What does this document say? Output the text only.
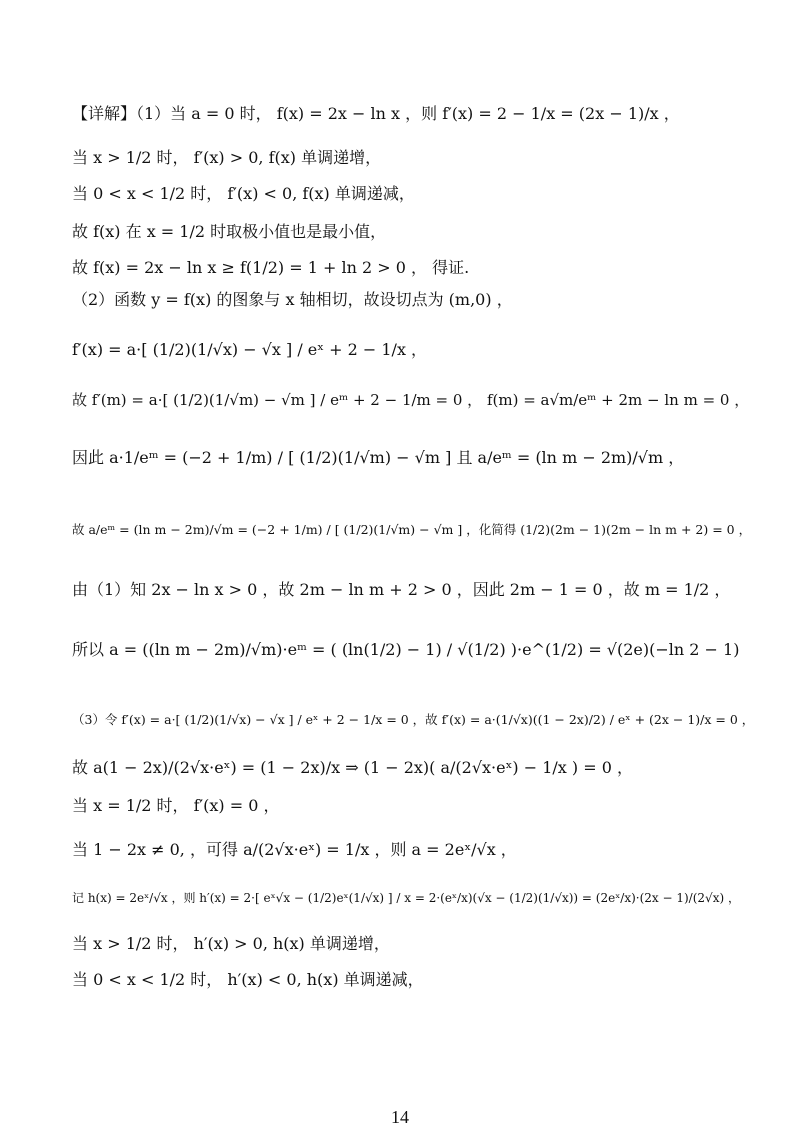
【详解】（1）当 a = 0 时， f(x) = 2x − ln x ，则 f′(x) = 2 − 1/x = (2x − 1)/x ，
当 x > 1/2 时， f′(x) > 0, f(x) 单调递增，
当 0 < x < 1/2 时， f′(x) < 0, f(x) 单调递减，
故 f(x) 在 x = 1/2 时取极小值也是最小值，
故 f(x) = 2x − ln x ≥ f(1/2) = 1 + ln 2 > 0 ， 得证.
（2）函数 y = f(x) 的图象与 x 轴相切，故设切点为 (m,0) ，
f′(x) = a·[ (1/2)(1/√x) − √x ] / eˣ + 2 − 1/x ，
故 f′(m) = a·[ (1/2)(1/√m) − √m ] / eᵐ + 2 − 1/m = 0 ， f(m) = a√m/eᵐ + 2m − ln m = 0 ，
因此 a·1/eᵐ = (−2 + 1/m) / [ (1/2)(1/√m) − √m ] 且 a/eᵐ = (ln m − 2m)/√m ，
故 a/eᵐ = (ln m − 2m)/√m = (−2 + 1/m) / [ (1/2)(1/√m) − √m ] ，化简得 (1/2)(2m − 1)(2m − ln m + 2) = 0 ，
由（1）知 2x − ln x > 0 ，故 2m − ln m + 2 > 0 ，因此 2m − 1 = 0 ，故 m = 1/2 ，
所以 a = ((ln m − 2m)/√m)·eᵐ = ( (ln(1/2) − 1) / √(1/2) )·e^(1/2) = √(2e)(−ln 2 − 1)
（3）令 f′(x) = a·[ (1/2)(1/√x) − √x ] / eˣ + 2 − 1/x = 0 ，故 f′(x) = a·(1/√x)((1 − 2x)/2) / eˣ + (2x − 1)/x = 0 ，
故 a(1 − 2x)/(2√x·eˣ) = (1 − 2x)/x ⇒ (1 − 2x)( a/(2√x·eˣ) − 1/x ) = 0 ，
当 x = 1/2 时， f′(x) = 0 ，
当 1 − 2x ≠ 0, ，可得 a/(2√x·eˣ) = 1/x ，则 a = 2eˣ/√x ，
记 h(x) = 2eˣ/√x ，则 h′(x) = 2·[ eˣ√x − (1/2)eˣ(1/√x) ] / x = 2·(eˣ/x)(√x − (1/2)(1/√x)) = (2eˣ/x)·(2x − 1)/(2√x) ，
当 x > 1/2 时， h′(x) > 0, h(x) 单调递增，
当 0 < x < 1/2 时， h′(x) < 0, h(x) 单调递减，
14
